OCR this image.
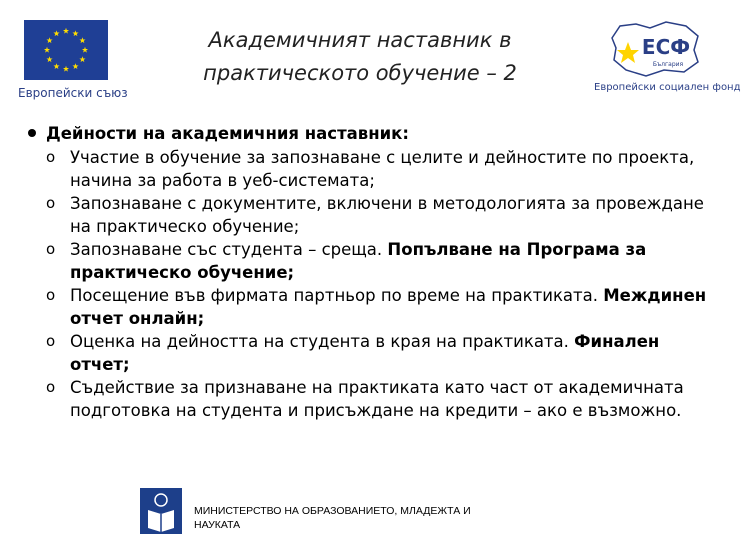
Европейски съюз
Академичният наставник в
практическото обучение – 2
ЕСФ
България
Европейски социален фонд
Дейности на академичния наставник:
o Участие в обучение за запознаване с целите и дейностите по проекта, начина за работа в уеб-системата;
o Запознаване с документите, включени в методологията за провеждане на практическо обучение;
o Запознаване със студента – среща. Попълване на Програма за практическо обучение;
o Посещение във фирмата партньор по време на практиката. Междинен отчет онлайн;
o Оценка на дейността на студента в края на практиката. Финален отчет;
o Съдействие за признаване на практиката като част от академичната подготовка на студента и присъждане на кредити – ако е възможно.
МИНИСТЕРСТВО НА ОБРАЗОВАНИЕТО, МЛАДЕЖТА И
НАУКАТА
